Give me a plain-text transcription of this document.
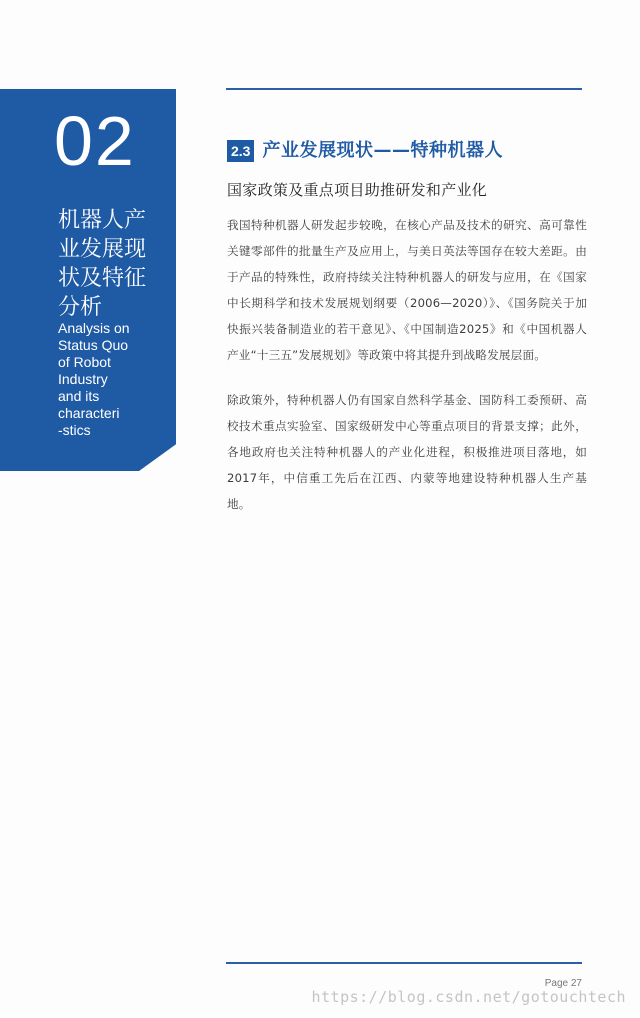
02
机器人产
业发展现
状及特征
分析
Analysis on
Status Quo
of Robot
Industry
and its
characteri
-stics
2.3 产业发展现状——特种机器人
国家政策及重点项目助推研发和产业化

我国特种机器人研发起步较晚，在核心产品及技术的研究、高可靠性关键零部件的批量生产及应用上，与美日英法等国存在较大差距。由于产品的特殊性，政府持续关注特种机器人的研发与应用，在《国家中长期科学和技术发展规划纲要（2006—2020）》、《国务院关于加快振兴装备制造业的若干意见》、《中国制造2025》和《中国机器人产业“十三五”发展规划》等政策中将其提升到战略发展层面。

除政策外，特种机器人仍有国家自然科学基金、国防科工委预研、高校技术重点实验室、国家级研发中心等重点项目的背景支撑；此外，各地政府也关注特种机器人的产业化进程，积极推进项目落地，如2017年，中信重工先后在江西、内蒙等地建设特种机器人生产基地。

Page 27
https://blog.csdn.net/gotouchtech
